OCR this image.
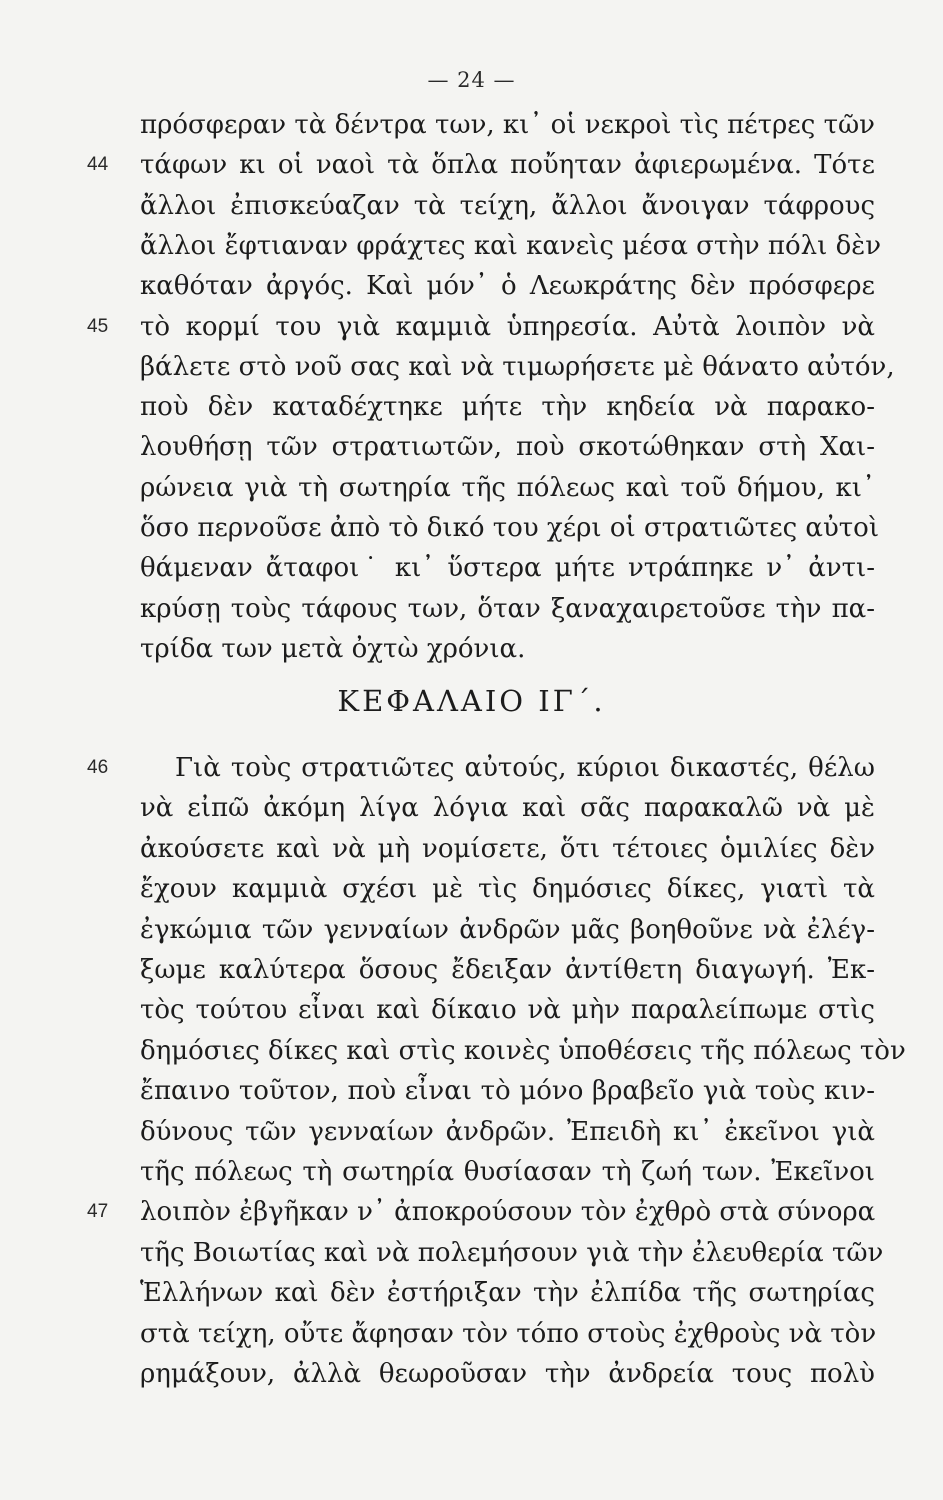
— 24 —
πρόσφεραν τὰ δέντρα των, κι᾽ οἱ νεκροὶ τὶς πέτρες τῶν
44	τάφων κι οἱ ναοὶ τὰ ὅπλα ποὔηταν ἀφιερωμένα. Τότε
ἄλλοι ἐπισκεύαζαν τὰ τείχη, ἄλλοι ἄνοιγαν τάφρους
ἄλλοι ἔφτιαναν φράχτες καὶ κανεὶς μέσα στὴν πόλι δὲν
καθόταν ἀργός. Καὶ μόν᾽ ὁ Λεωκράτης δὲν πρόσφερε
45	τὸ κορμί του γιὰ καμμιὰ ὑπηρεσία. Αὐτὰ λοιπὸν νὰ
βάλετε στὸ νοῦ σας καὶ νὰ τιμωρήσετε μὲ θάνατο αὐτόν,
ποὺ δὲν καταδέχτηκε μήτε τὴν κηδεία νὰ παρακο-
λουθήσῃ τῶν στρατιωτῶν, ποὺ σκοτώθηκαν στὴ Χαι-
ρώνεια γιὰ τὴ σωτηρία τῆς πόλεως καὶ τοῦ δήμου, κι᾽
ὅσο περνοῦσε ἀπὸ τὸ δικό του χέρι οἱ στρατιῶτες αὐτοὶ
θάμεναν ἄταφοι˙ κι᾽ ὕστερα μήτε ντράπηκε ν᾽ ἀντι-
κρύσῃ τοὺς τάφους των, ὅταν ξαναχαιρετοῦσε τὴν πα-
τρίδα των μετὰ ὀχτὼ χρόνια.
ΚΕΦΑΛΑΙΟ ΙΓ΄.
46	Γιὰ τοὺς στρατιῶτες αὐτούς, κύριοι δικαστές, θέλω
νὰ εἰπῶ ἀκόμη λίγα λόγια καὶ σᾶς παρακαλῶ νὰ μὲ
ἀκούσετε καὶ νὰ μὴ νομίσετε, ὅτι τέτοιες ὁμιλίες δὲν
ἔχουν καμμιὰ σχέσι μὲ τὶς δημόσιες δίκες, γιατὶ τὰ
ἐγκώμια τῶν γενναίων ἀνδρῶν μᾶς βοηθοῦνε νὰ ἐλέγ-
ξωμε καλύτερα ὅσους ἔδειξαν ἀντίθετη διαγωγή. Ἐκ-
τὸς τούτου εἶναι καὶ δίκαιο νὰ μὴν παραλείπωμε στὶς
δημόσιες δίκες καὶ στὶς κοινὲς ὑποθέσεις τῆς πόλεως τὸν
ἔπαινο τοῦτον, ποὺ εἶναι τὸ μόνο βραβεῖο γιὰ τοὺς κιν-
δύνους τῶν γενναίων ἀνδρῶν. Ἐπειδὴ κι᾽ ἐκεῖνοι γιὰ
τῆς πόλεως τὴ σωτηρία θυσίασαν τὴ ζωή των. Ἐκεῖνοι
47	λοιπὸν ἐβγῆκαν ν᾽ ἀποκρούσουν τὸν ἐχθρὸ στὰ σύνορα
τῆς Βοιωτίας καὶ νὰ πολεμήσουν γιὰ τὴν ἐλευθερία τῶν
Ἑλλήνων καὶ δὲν ἐστήριξαν τὴν ἐλπίδα τῆς σωτηρίας
στὰ τείχη, οὔτε ἄφησαν τὸν τόπο στοὺς ἐχθροὺς νὰ τὸν
ρημάξουν, ἀλλὰ θεωροῦσαν τὴν ἀνδρεία τους πολὺ
